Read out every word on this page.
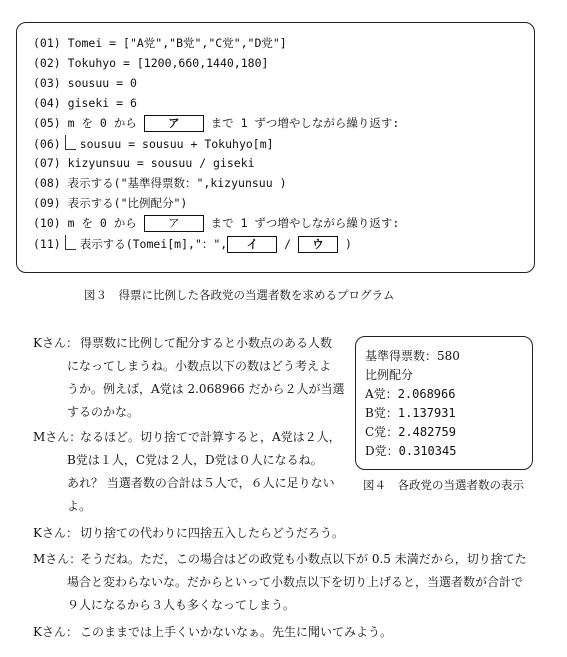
(01) Tomei = ["A党","B党","C党","D党"]
(02) Tokuhyo = [1200,660,1440,180]
(03) sousuu = 0
(04) giseki = 6
(05) m を 0 から	ア	まで 1 ずつ増やしながら繰り返す:
(06) sousuu = sousuu + Tokuhyo[m]
(07) kizyunsuu = sousuu / giseki
(08) 表示する("基準得票数：",kizyunsuu )
(09) 表示する("比例配分")
(10) m を 0 から	ア	まで 1 ずつ増やしながら繰り返す:
(11) 表示する(Tomei[m],"：", イ / ウ )
図３　得票に比例した各政党の当選者数を求めるプログラム
Kさん： 得票数に比例して配分すると小数点のある人数
になってしまうね。小数点以下の数はどう考えよ
うか。例えば，A党は 2.068966 だから２人が当選
するのかな。
Mさん：
なるほど。切り捨てで計算すると，A党は２人，
B党は１人，C党は２人，D党は０人になるね。
あれ？ 当選者数の合計は５人で，６人に足りない
よ。
Kさん： 切り捨ての代わりに四捨五入したらどうだろう。
Mさん：
そうだね。ただ，この場合はどの政党も小数点以下が 0.5 未満だから，切り捨てた
場合と変わらないな。だからといって小数点以下を切り上げると，当選者数が合計で
９人になるから３人も多くなってしまう。
Kさん： このままでは上手くいかないなぁ。先生に聞いてみよう。
基準得票数：580
比例配分
A党：2.068966
B党：1.137931
C党：2.482759
D党：0.310345
図４　各政党の当選者数の表示
